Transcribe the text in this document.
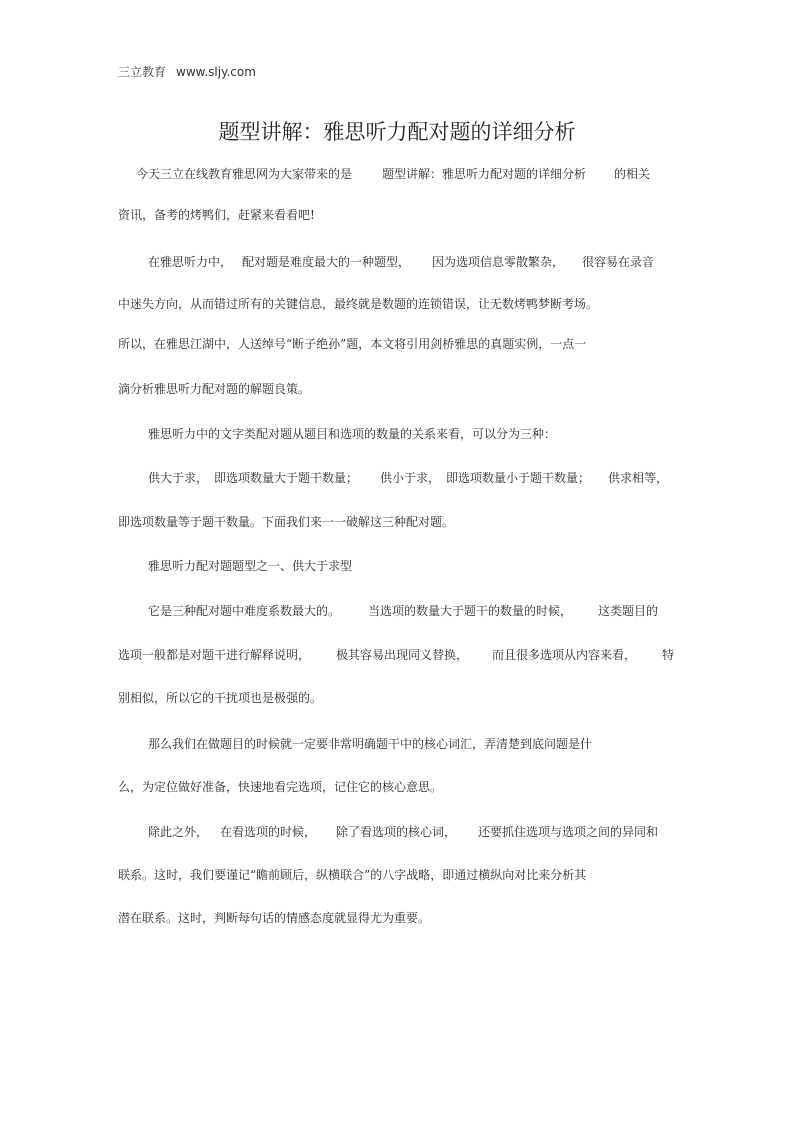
三立教育 www.sljy.com
题型讲解：雅思听力配对题的详细分析
今天三立在线教育雅思网为大家带来的是	题型讲解：雅思听力配对题的详细分析 的相关
资讯，备考的烤鸭们，赶紧来看看吧!
在雅思听力中， 配对题是难度最大的一种题型， 因为选项信息零散繁杂， 很容易在录音
中迷失方向，从而错过所有的关键信息，最终就是数题的连锁错误，让无数烤鸭梦断考场。
所以，在雅思江湖中，人送绰号“断子绝孙”题，本文将引用剑桥雅思的真题实例，一点一
滴分析雅思听力配对题的解题良策。
雅思听力中的文字类配对题从题目和选项的数量的关系来看，可以分为三种：
供大于求， 即选项数量大于题干数量； 供小于求， 即选项数量小于题干数量； 供求相等，
即选项数量等于题干数量。下面我们来一一破解这三种配对题。
雅思听力配对题题型之一、供大于求型
它是三种配对题中难度系数最大的。 当选项的数量大于题干的数量的时候， 这类题目的
选项一般都是对题干进行解释说明， 极其容易出现同义替换， 而且很多选项从内容来看， 特
别相似，所以它的干扰项也是极强的。
那么我们在做题目的时候就一定要非常明确题干中的核心词汇，弄清楚到底问题是什
么，为定位做好准备，快速地看完选项，记住它的核心意思。
除此之外， 在看选项的时候， 除了看选项的核心词， 还要抓住选项与选项之间的异同和
联系。这时，我们要谨记“瞻前顾后，纵横联合”的八字战略，即通过横纵向对比来分析其
潜在联系。这时，判断每句话的情感态度就显得尤为重要。
